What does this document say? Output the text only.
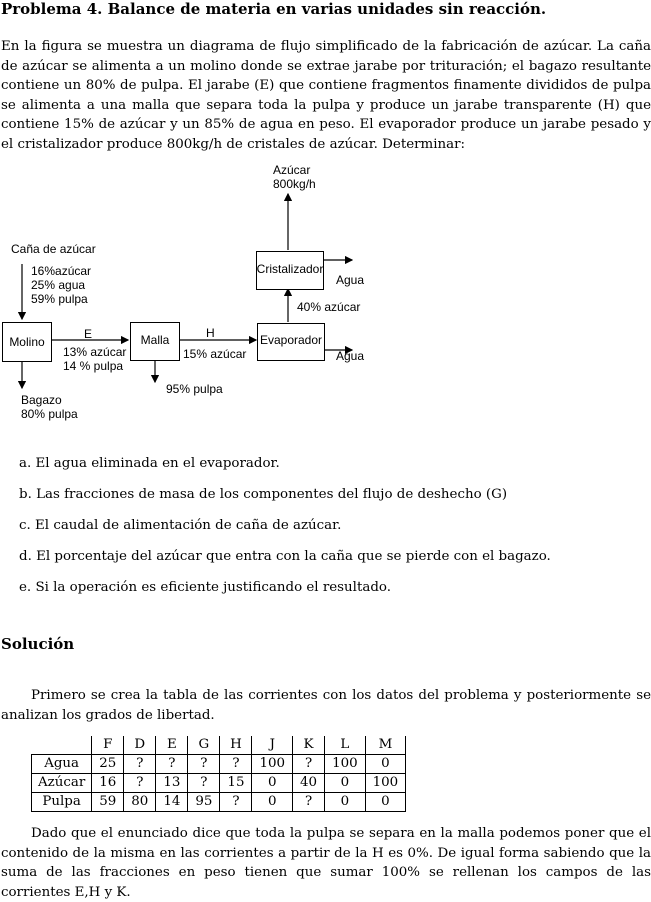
Problema 4. Balance de materia en varias unidades sin reacción.
En la figura se muestra un diagrama de flujo simplificado de la fabricación de azúcar. La caña de azúcar se alimenta a un molino donde se extrae jarabe por trituración; el bagazo resultante contiene un 80% de pulpa. El jarabe (E) que contiene fragmentos finamente divididos de pulpa se alimenta a una malla que separa toda la pulpa y produce un jarabe transparente (H) que contiene 15% de azúcar y un 85% de agua en peso. El evaporador produce un jarabe pesado y el cristalizador produce 800kg/h de cristales de azúcar. Determinar:
Molino	Malla	Evaporador
Cristalizador
Azúcar
800kg/h
Caña de azúcar
16%azúcar
25% agua
59% pulpa
Agua
40% azúcar
E
13% azúcar
14 % pulpa
H
15% azúcar	Agua
95% pulpa
Bagazo
80% pulpa
a. El agua eliminada en el evaporador.
b. Las fracciones de masa de los componentes del flujo de deshecho (G)
c. El caudal de alimentación de caña de azúcar.
d. El porcentaje del azúcar que entra con la caña que se pierde con el bagazo.
e. Si la operación es eficiente justificando el resultado.
Solución
Primero se crea la tabla de las corrientes con los datos del problema y posteriormente se analizan los grados de libertad.
	F	D	E	G	H	J	K	L	M
Agua	25	?	?	?	?	100	?	100	0
Azúcar	16	?	13	?	15	0	40	0	100
Pulpa	59	80	14	95	?	0	?	0	0
Dado que el enunciado dice que toda la pulpa se separa en la malla podemos poner que el contenido de la misma en las corrientes a partir de la H es 0%. De igual forma sabiendo que la suma de las fracciones en peso tienen que sumar 100% se rellenan los campos de las corrientes E,H y K.
